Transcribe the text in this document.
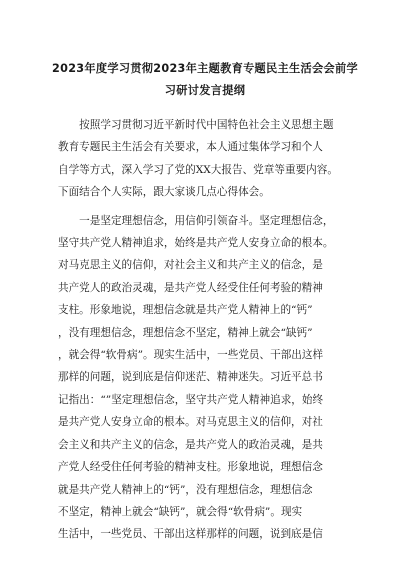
2023年度学习贯彻2023年主题教育专题民主生活会会前学
习研讨发言提纲
　　按照学习贯彻习近平新时代中国特色社会主义思想主题
教育专题民主生活会有关要求，本人通过集体学习和个人
自学等方式，深入学习了党的XX大报告、党章等重要内容。
下面结合个人实际，跟大家谈几点心得体会。
　　一是坚定理想信念，用信仰引领奋斗。坚定理想信念，
坚守共产党人精神追求，始终是共产党人安身立命的根本。
对马克思主义的信仰，对社会主义和共产主义的信念，是
共产党人的政治灵魂，是共产党人经受住任何考验的精神
支柱。形象地说，理想信念就是共产党人精神上的“钙”
，没有理想信念，理想信念不坚定，精神上就会“缺钙”
，就会得“软骨病”。现实生活中，一些党员、干部出这样
那样的问题，说到底是信仰迷茫、精神迷失。习近平总书
记指出：“”坚定理想信念，坚守共产党人精神追求，始终
是共产党人安身立命的根本。对马克思主义的信仰，对社
会主义和共产主义的信念，是共产党人的政治灵魂，是共
产党人经受住任何考验的精神支柱。形象地说，理想信念
就是共产党人精神上的“钙”，没有理想信念，理想信念
不坚定，精神上就会“缺钙”，就会得“软骨病”。现实
生活中，一些党员、干部出这样那样的问题，说到底是信
